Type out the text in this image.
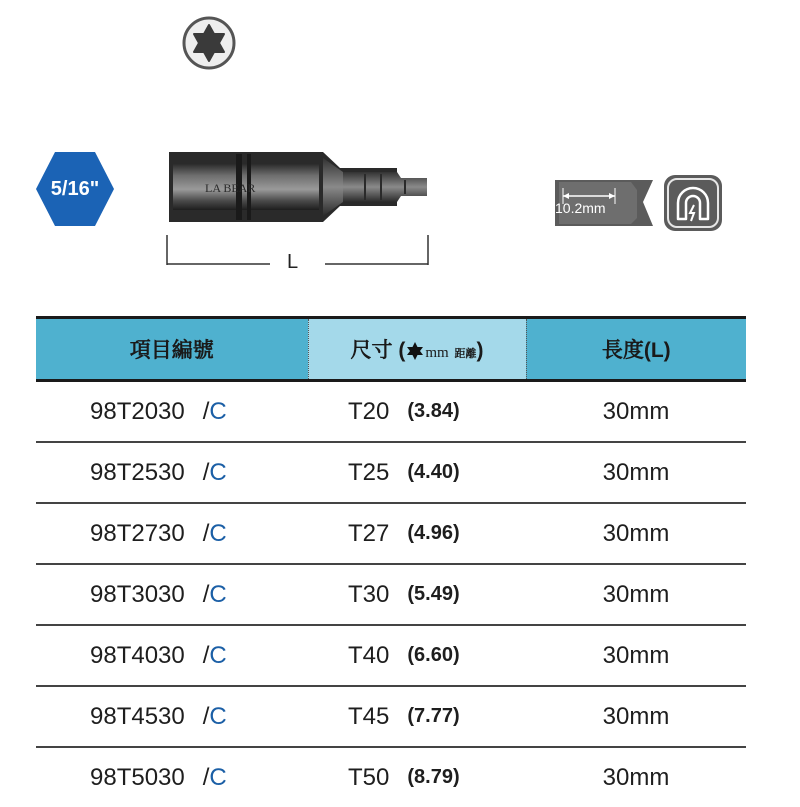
5/16"	LA BEAR
L
10.2mm
項目編號	尺寸 ( mm 距離)	長度(L)
98T2030 /C	T20 (3.84)	30mm
98T2530 /C	T25 (4.40)	30mm
98T2730 /C	T27 (4.96)	30mm
98T3030 /C	T30 (5.49)	30mm
98T4030 /C	T40 (6.60)	30mm
98T4530 /C	T45 (7.77)	30mm
98T5030 /C	T50 (8.79)	30mm
